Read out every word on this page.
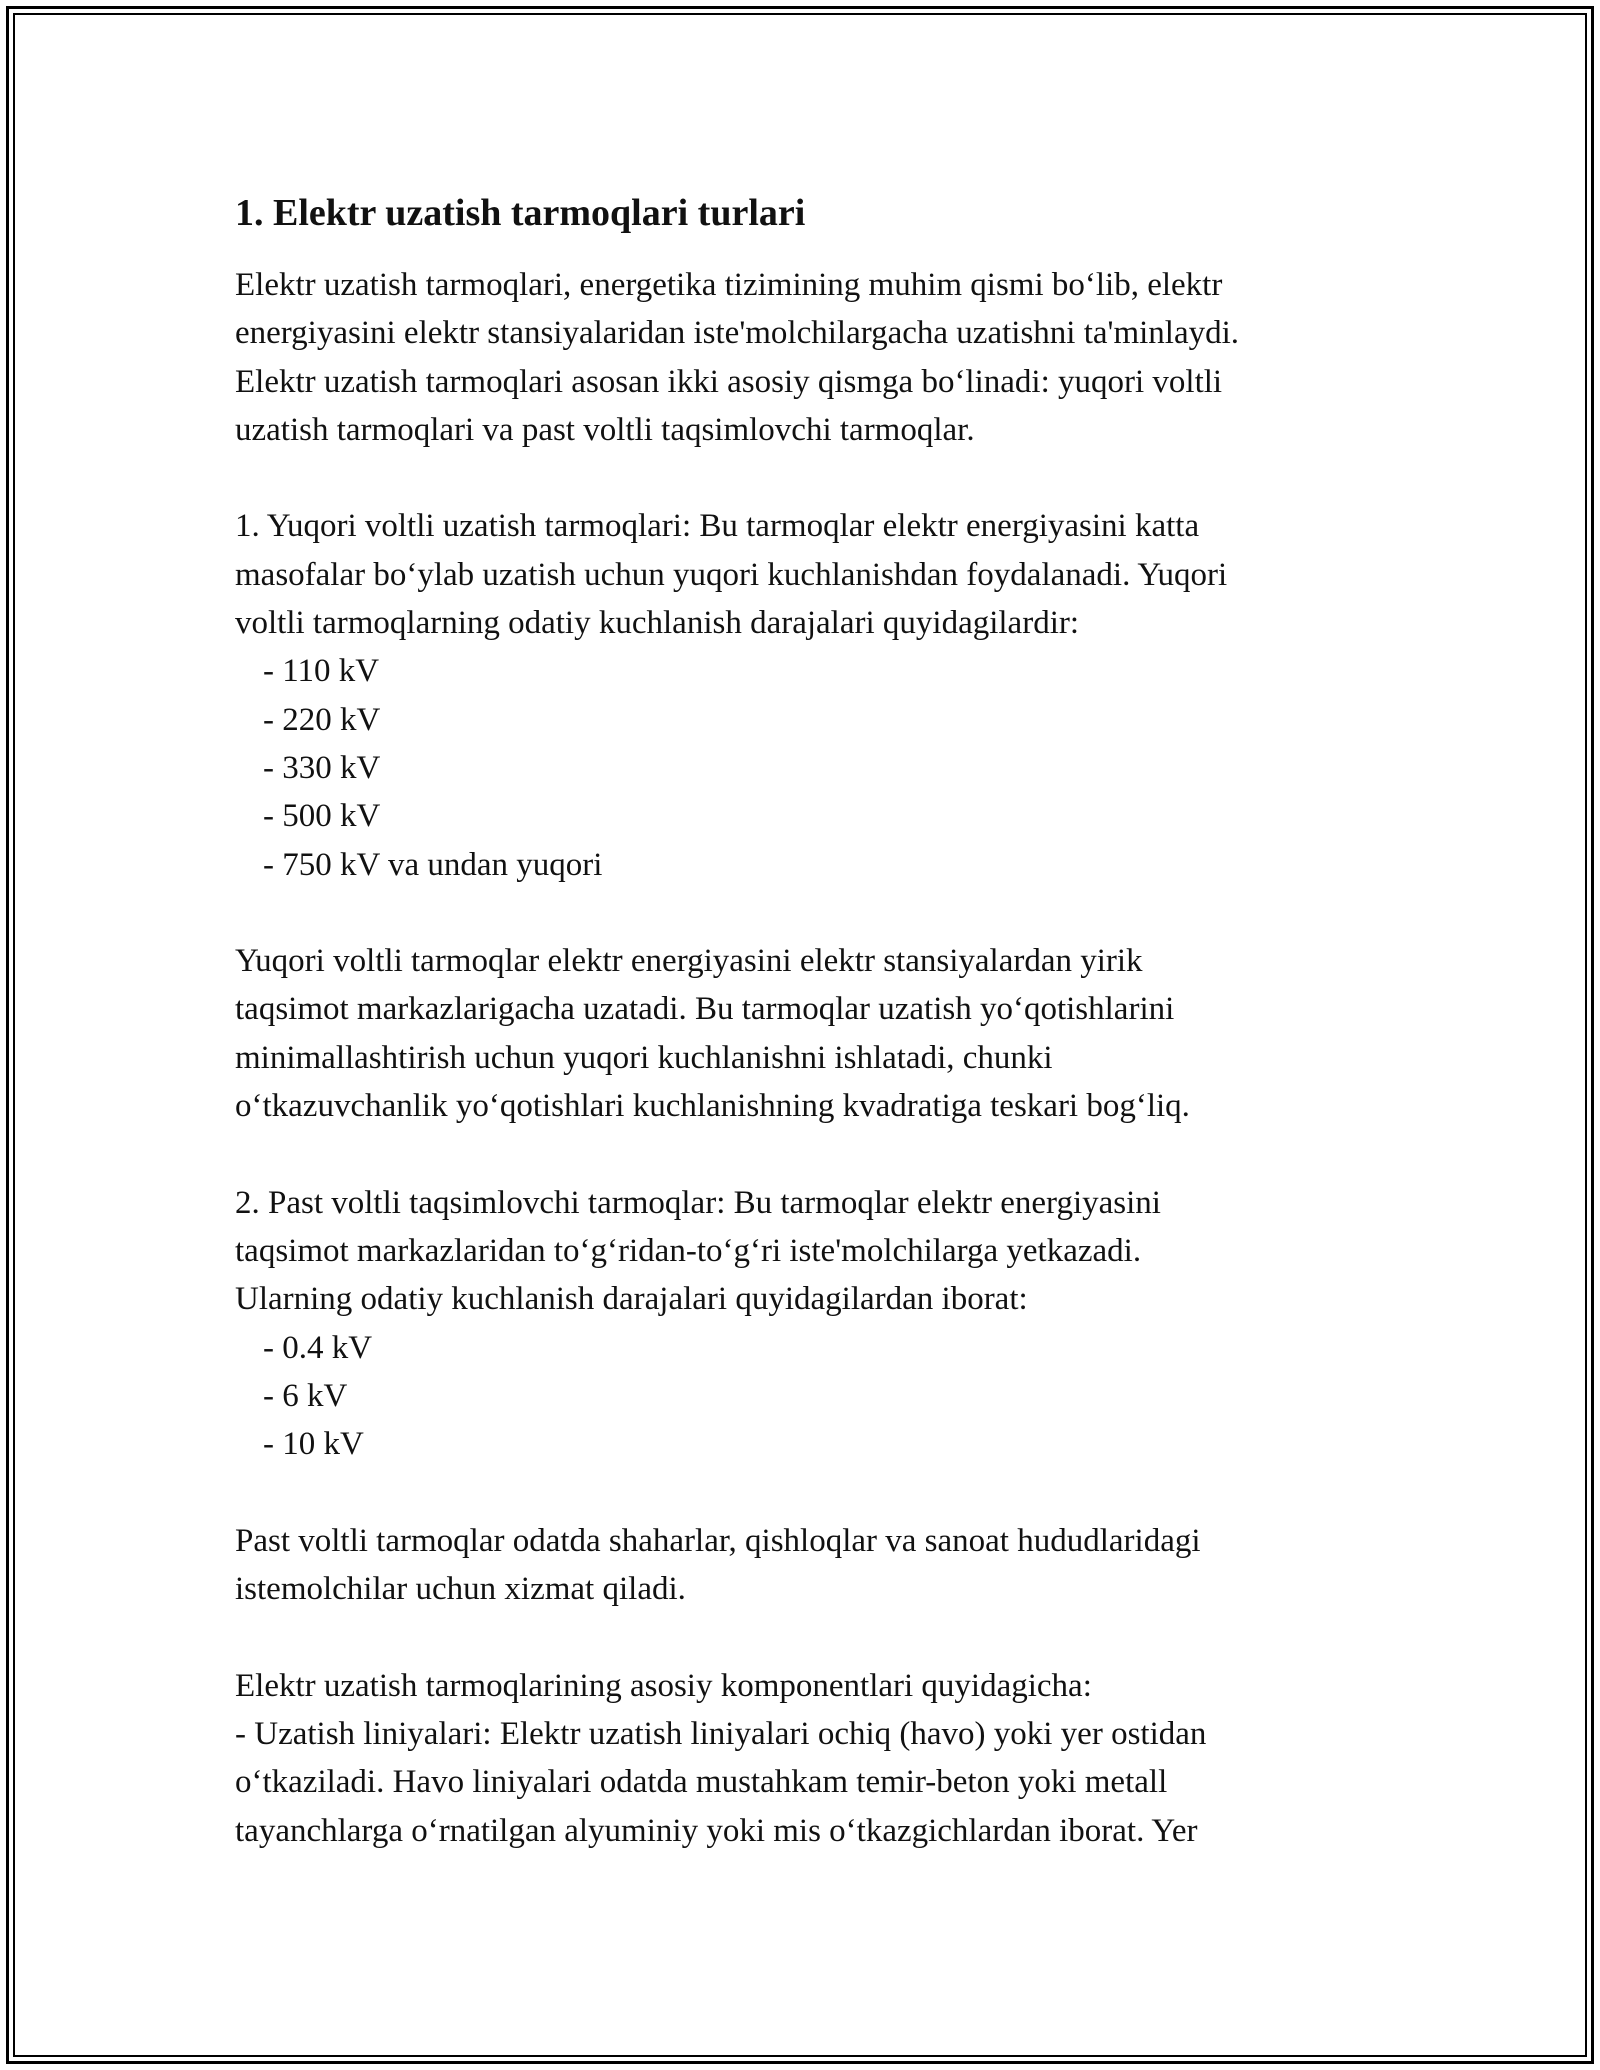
1. Elektr uzatish tarmoqlari turlari
Elektr uzatish tarmoqlari, energetika tizimining muhim qismi bo‘lib, elektr
energiyasini elektr stansiyalaridan iste'molchilargacha uzatishni ta'minlaydi.
Elektr uzatish tarmoqlari asosan ikki asosiy qismga bo‘linadi: yuqori voltli
uzatish tarmoqlari va past voltli taqsimlovchi tarmoqlar.
1. Yuqori voltli uzatish tarmoqlari: Bu tarmoqlar elektr energiyasini katta
masofalar bo‘ylab uzatish uchun yuqori kuchlanishdan foydalanadi. Yuqori
voltli tarmoqlarning odatiy kuchlanish darajalari quyidagilardir:
- 110 kV
- 220 kV
- 330 kV
- 500 kV
- 750 kV va undan yuqori
Yuqori voltli tarmoqlar elektr energiyasini elektr stansiyalardan yirik
taqsimot markazlarigacha uzatadi. Bu tarmoqlar uzatish yo‘qotishlarini
minimallashtirish uchun yuqori kuchlanishni ishlatadi, chunki
o‘tkazuvchanlik yo‘qotishlari kuchlanishning kvadratiga teskari bog‘liq.
2. Past voltli taqsimlovchi tarmoqlar: Bu tarmoqlar elektr energiyasini
taqsimot markazlaridan to‘g‘ridan-to‘g‘ri iste'molchilarga yetkazadi.
Ularning odatiy kuchlanish darajalari quyidagilardan iborat:
- 0.4 kV
- 6 kV
- 10 kV
Past voltli tarmoqlar odatda shaharlar, qishloqlar va sanoat hududlaridagi
istemolchilar uchun xizmat qiladi.
Elektr uzatish tarmoqlarining asosiy komponentlari quyidagicha:
- Uzatish liniyalari: Elektr uzatish liniyalari ochiq (havo) yoki yer ostidan
o‘tkaziladi. Havo liniyalari odatda mustahkam temir-beton yoki metall
tayanchlarga o‘rnatilgan alyuminiy yoki mis o‘tkazgichlardan iborat. Yer
